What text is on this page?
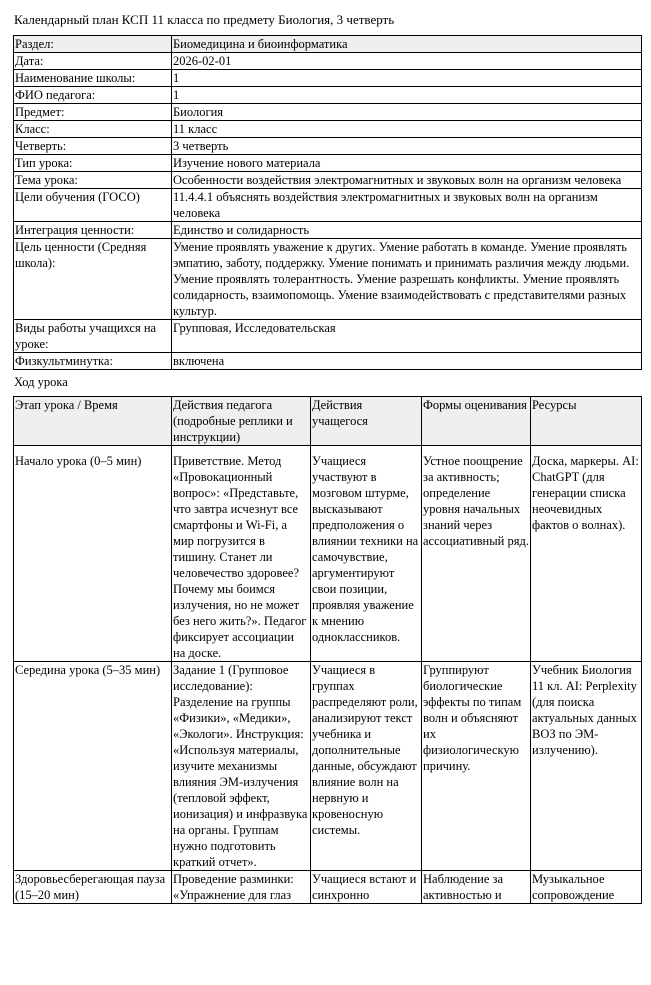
Календарный план КСП 11 класса по предмету Биология, 3 четверть
Раздел:	Биомедицина и биоинформатика
Дата:	2026-02-01
Наименование школы:	1
ФИО педагога:	1
Предмет:	Биология
Класс:	11 класс
Четверть:	3 четверть
Тип урока:	Изучение нового материала
Тема урока:	Особенности воздействия электромагнитных и звуковых волн на организм человека
Цели обучения (ГОСО)	11.4.4.1 объяснять воздействия электромагнитных и звуковых волн на организм человека
Интеграция ценности:	Единство и солидарность
Цель ценности (Средняя школа):	Умение проявлять уважение к других. Умение работать в команде. Умение проявлять эмпатию, заботу, поддержку. Умение понимать и принимать различия между людьми. Умение проявлять толерантность. Умение разрешать конфликты. Умение проявлять солидарность, взаимопомощь. Умение взаимодействовать с представителями разных культур.
Виды работы учащихся на уроке:	Групповая, Исследовательская
Физкультминутка:	включена
Ход урока
Этап урока / Время	Действия педагога (подробные реплики и инструкции)	Действия учащегося	Формы оценивания	Ресурсы
Начало урока (0–5 мин)	Приветствие. Метод «Провокационный вопрос»: «Представьте, что завтра исчезнут все смартфоны и Wi-Fi, а мир погрузится в тишину. Станет ли человечество здоровее? Почему мы боимся излучения, но не может без него жить?». Педагог фиксирует ассоциации на доске.	Учащиеся участвуют в мозговом штурме, высказывают предположения о влиянии техники на самочувствие, аргументируют свои позиции, проявляя уважение к мнению одноклассников.	Устное поощрение за активность; определение уровня начальных знаний через ассоциативный ряд.	Доска, маркеры. AI: ChatGPT (для генерации списка неочевидных фактов о волнах).
Середина урока (5–35 мин)	Задание 1 (Групповое исследование): Разделение на группы «Физики», «Медики», «Экологи». Инструкция: «Используя материалы, изучите механизмы влияния ЭМ-излучения (тепловой эффект, ионизация) и инфразвука на органы. Группам нужно подготовить краткий отчет».	Учащиеся в группах распределяют роли, анализируют текст учебника и дополнительные данные, обсуждают влияние волн на нервную и кровеносную системы.	Группируют биологические эффекты по типам волн и объясняют их физиологическую причину.	Учебник Биология 11 кл. AI: Perplexity (для поиска актуальных данных ВОЗ по ЭМ-излучению).
Здоровьесберегающая пауза (15–20 мин)	Проведение разминки: «Упражнение для глаз	Учащиеся встают и синхронно	Наблюдение за активностью и	Музыкальное сопровождение
